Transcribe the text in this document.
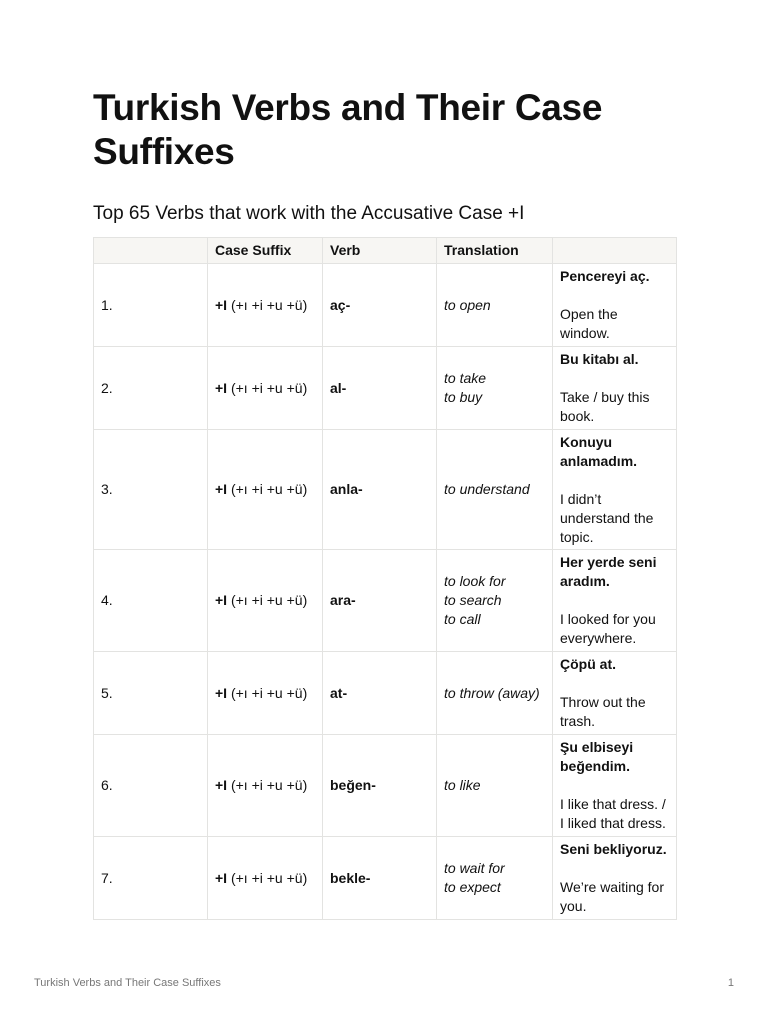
Turkish Verbs and Their Case Suffixes
Top 65 Verbs that work with the Accusative Case +I
	Case Suffix	Verb	Translation	
1.	+I (+ı +i +u +ü)	aç-	to open	Pencereyi aç.
Open the window.

2.	+I (+ı +i +u +ü)	al-	to take
to buy	Bu kitabı al.
Take / buy this book.

3.	+I (+ı +i +u +ü)	anla-	to understand	Konuyu anlamadım.
I didn’t understand the topic.

4.	+I (+ı +i +u +ü)	ara-	to look for
to search
to call	Her yerde seni aradım.
I looked for you everywhere.

5.	+I (+ı +i +u +ü)	at-	to throw (away)	Çöpü at.
Throw out the trash.

6.	+I (+ı +i +u +ü)	beğen-	to like	Şu elbiseyi beğendim.
I like that dress. / I liked that dress.

7.	+I (+ı +i +u +ü)	bekle-	to wait for
to expect	Seni bekliyoruz.
We’re waiting for you.
Turkish Verbs and Their Case Suffixes	1
